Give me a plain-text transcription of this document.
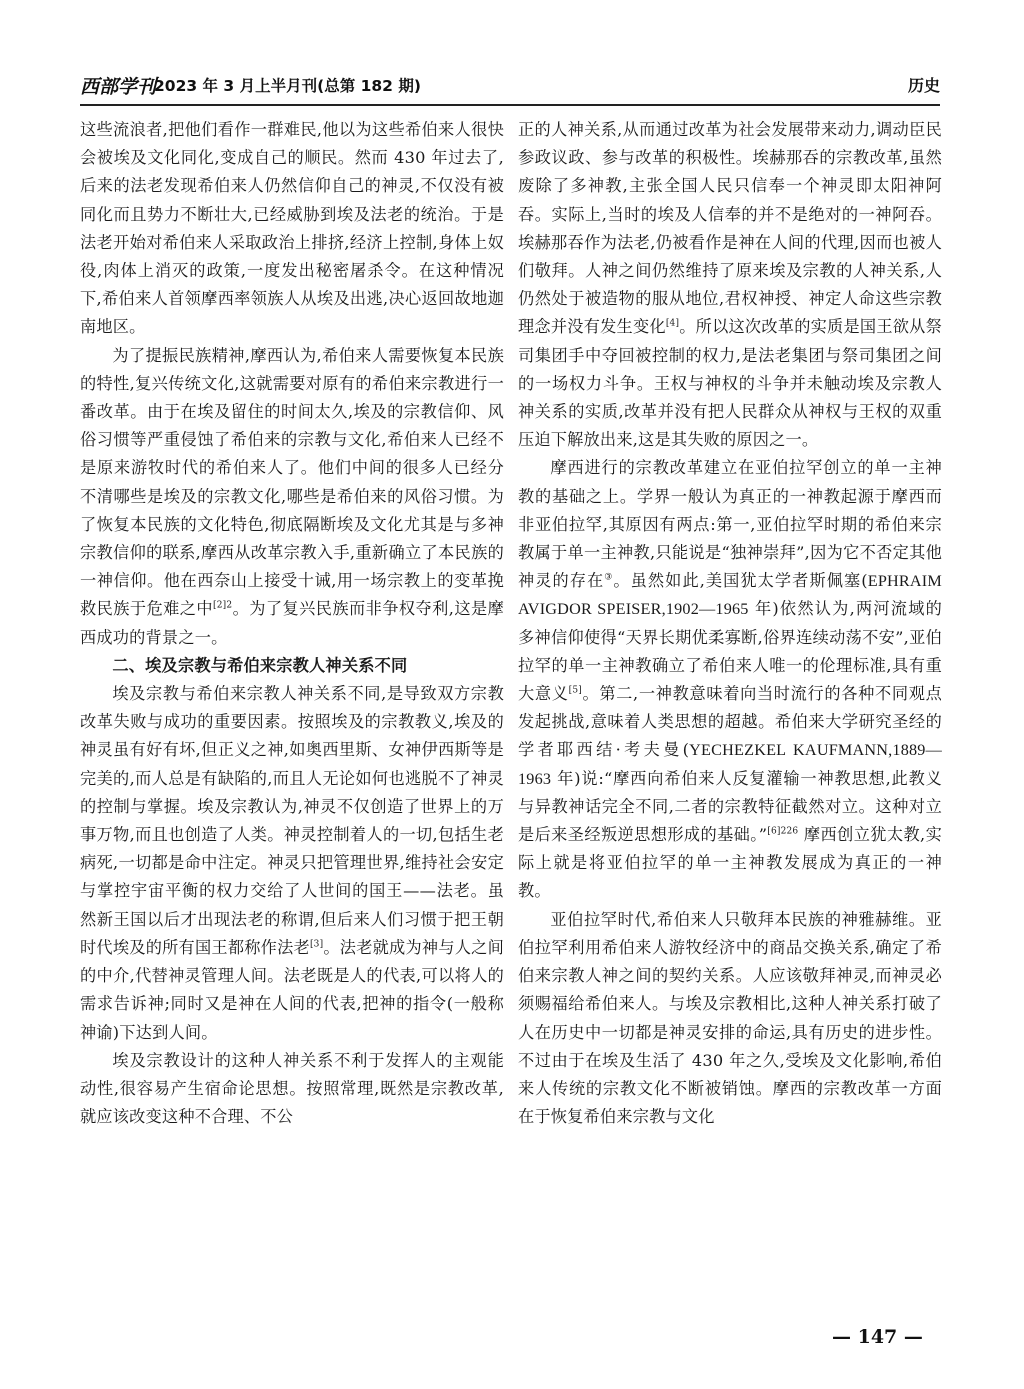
西部学刊
2023 年 3 月上半月刊(总第 182 期)	历史

这些流浪者,把他们看作一群难民,他以为这些希伯来人很快会被埃及文化同化,变成自己的顺民。然而 430 年过去了,后来的法老发现希伯来人仍然信仰自己的神灵,不仅没有被同化而且势力不断壮大,已经威胁到埃及法老的统治。于是法老开始对希伯来人采取政治上排挤,经济上控制,身体上奴役,肉体上消灭的政策,一度发出秘密屠杀令。在这种情况下,希伯来人首领摩西率领族人从埃及出逃,决心返回故地迦南地区。

为了提振民族精神,摩西认为,希伯来人需要恢复本民族的特性,复兴传统文化,这就需要对原有的希伯来宗教进行一番改革。由于在埃及留住的时间太久,埃及的宗教信仰、风俗习惯等严重侵蚀了希伯来的宗教与文化,希伯来人已经不是原来游牧时代的希伯来人了。他们中间的很多人已经分不清哪些是埃及的宗教文化,哪些是希伯来的风俗习惯。为了恢复本民族的文化特色,彻底隔断埃及文化尤其是与多神宗教信仰的联系,摩西从改革宗教入手,重新确立了本民族的一神信仰。他在西奈山上接受十诫,用一场宗教上的变革挽救民族于危难之中$^{[2]2}$。为了复兴民族而非争权夺利,这是摩西成功的背景之一。

二、埃及宗教与希伯来宗教人神关系不同

埃及宗教与希伯来宗教人神关系不同,是导致双方宗教改革失败与成功的重要因素。按照埃及的宗教教义,埃及的神灵虽有好有坏,但正义之神,如奥西里斯、女神伊西斯等是完美的,而人总是有缺陷的,而且人无论如何也逃脱不了神灵的控制与掌握。埃及宗教认为,神灵不仅创造了世界上的万事万物,而且也创造了人类。神灵控制着人的一切,包括生老病死,一切都是命中注定。神灵只把管理世界,维持社会安定与掌控宇宙平衡的权力交给了人世间的国王——法老。虽然新王国以后才出现法老的称谓,但后来人们习惯于把王朝时代埃及的所有国王都称作法老[3]。法老就成为神与人之间的中介,代替神灵管理人间。法老既是人的代表,可以将人的需求告诉神;同时又是神在人间的代表,把神的指令(一般称神谕)下达到人间。

埃及宗教设计的这种人神关系不利于发挥人的主观能动性,很容易产生宿命论思想。按照常理,既然是宗教改革,就应该改变这种不合理、不公

正的人神关系,从而通过改革为社会发展带来动力,调动臣民参政议政、参与改革的积极性。埃赫那吞的宗教改革,虽然废除了多神教,主张全国人民只信奉一个神灵即太阳神阿吞。实际上,当时的埃及人信奉的并不是绝对的一神阿吞。埃赫那吞作为法老,仍被看作是神在人间的代理,因而也被人们敬拜。人神之间仍然维持了原来埃及宗教的人神关系,人仍然处于被造物的服从地位,君权神授、神定人命这些宗教理念并没有发生变化[4]。所以这次改革的实质是国王欲从祭司集团手中夺回被控制的权力,是法老集团与祭司集团之间的一场权力斗争。王权与神权的斗争并未触动埃及宗教人神关系的实质,改革并没有把人民群众从神权与王权的双重压迫下解放出来,这是其失败的原因之一。

摩西进行的宗教改革建立在亚伯拉罕创立的单一主神教的基础之上。学界一般认为真正的一神教起源于摩西而非亚伯拉罕,其原因有两点:第一,亚伯拉罕时期的希伯来宗教属于单一主神教,只能说是“独神崇拜”,因为它不否定其他神灵的存在③。虽然如此,美国犹太学者斯佩塞(EPHRAIM AVIGDOR SPEISER,1902—1965 年)依然认为,两河流域的多神信仰使得“天界长期优柔寡断,俗界连续动荡不安”,亚伯拉罕的单一主神教确立了希伯来人唯一的伦理标准,具有重大意义[5]。第二,一神教意味着向当时流行的各种不同观点发起挑战,意味着人类思想的超越。希伯来大学研究圣经的学者耶西结·考夫曼(YECHEZKEL KAUFMANN,1889—1963 年)说:“摩西向希伯来人反复灌输一神教思想,此教义与异教神话完全不同,二者的宗教特征截然对立。这种对立是后来圣经叛逆思想形成的基础。”$^{[6]226}$ 摩西创立犹太教,实际上就是将亚伯拉罕的单一主神教发展成为真正的一神教。

亚伯拉罕时代,希伯来人只敬拜本民族的神雅赫维。亚伯拉罕利用希伯来人游牧经济中的商品交换关系,确定了希伯来宗教人神之间的契约关系。人应该敬拜神灵,而神灵必须赐福给希伯来人。与埃及宗教相比,这种人神关系打破了人在历史中一切都是神灵安排的命运,具有历史的进步性。不过由于在埃及生活了 430 年之久,受埃及文化影响,希伯来人传统的宗教文化不断被销蚀。摩西的宗教改革一方面在于恢复希伯来宗教与文化

— 147 —
